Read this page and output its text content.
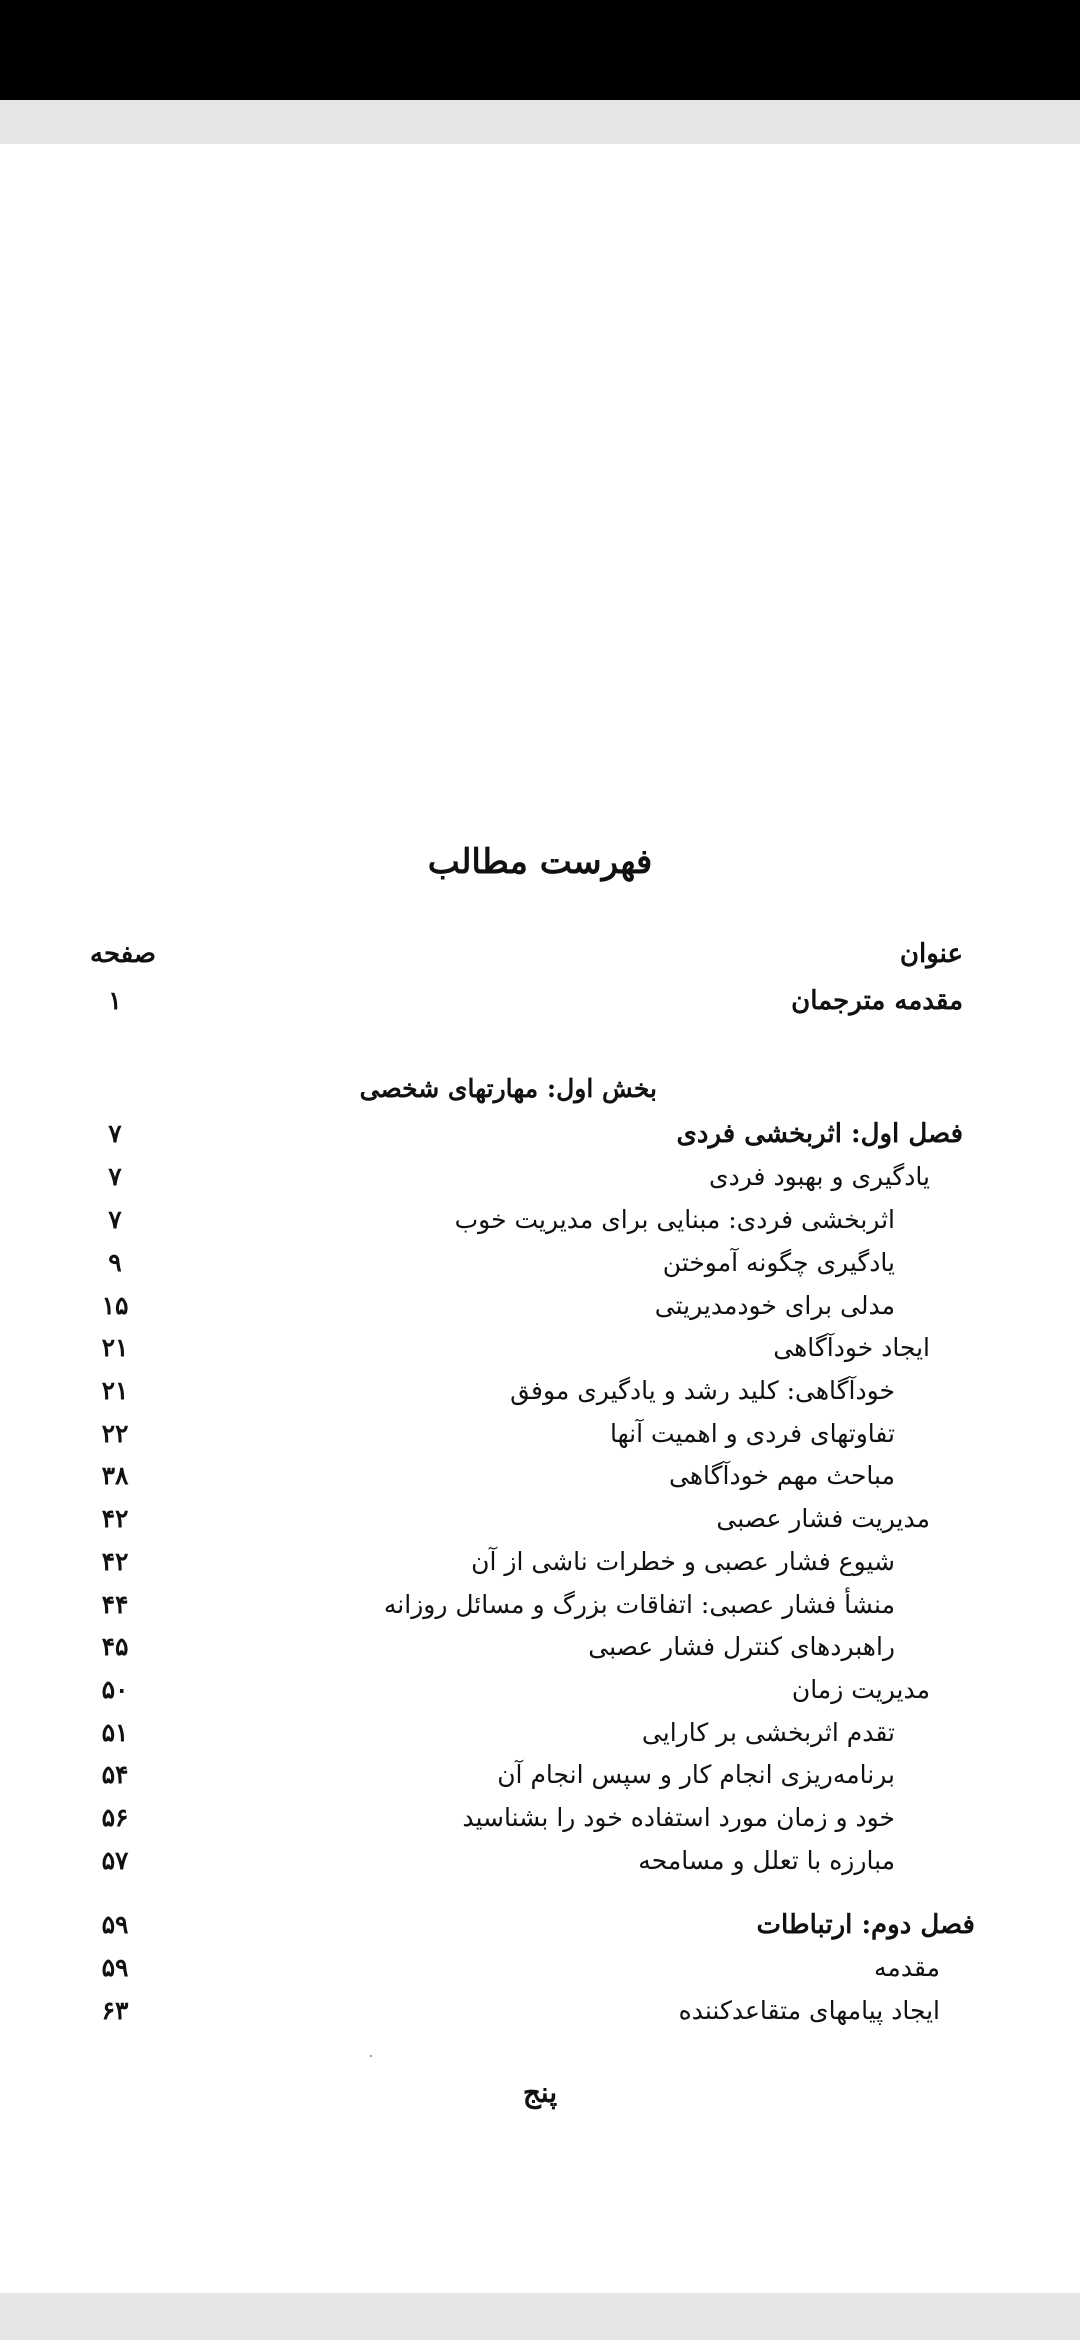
فهرست مطالب
عنوان
صفحه
مقدمه مترجمان
۱
بخش اول: مهارتهای شخصی
فصل اول: اثربخشی فردی
۷
یادگیری و بهبود فردی
۷
اثربخشی فردی: مبنایی برای مدیریت خوب
۷
یادگیری چگونه آموختن
۹
مدلی برای خودمدیریتی
۱۵
ایجاد خودآگاهی
۲۱
خودآگاهی: کلید رشد و یادگیری موفق
۲۱
تفاوتهای فردی و اهمیت آنها
۲۲
مباحث مهم خودآگاهی
۳۸
مدیریت فشار عصبی
۴۲
شیوع فشار عصبی و خطرات ناشی از آن
۴۲
منشأ فشار عصبی: اتفاقات بزرگ و مسائل روزانه
۴۴
راهبردهای کنترل فشار عصبی
۴۵
مدیریت زمان
۵۰
تقدم اثربخشی بر کارایی
۵۱
برنامه‌ریزی انجام کار و سپس انجام آن
۵۴
خود و زمان مورد استفاده خود را بشناسید
۵۶
مبارزه با تعلل و مسامحه
۵۷
فصل دوم: ارتباطات
۵۹
مقدمه
۵۹
ایجاد پیامهای متقاعدکننده
۶۳
پنج
